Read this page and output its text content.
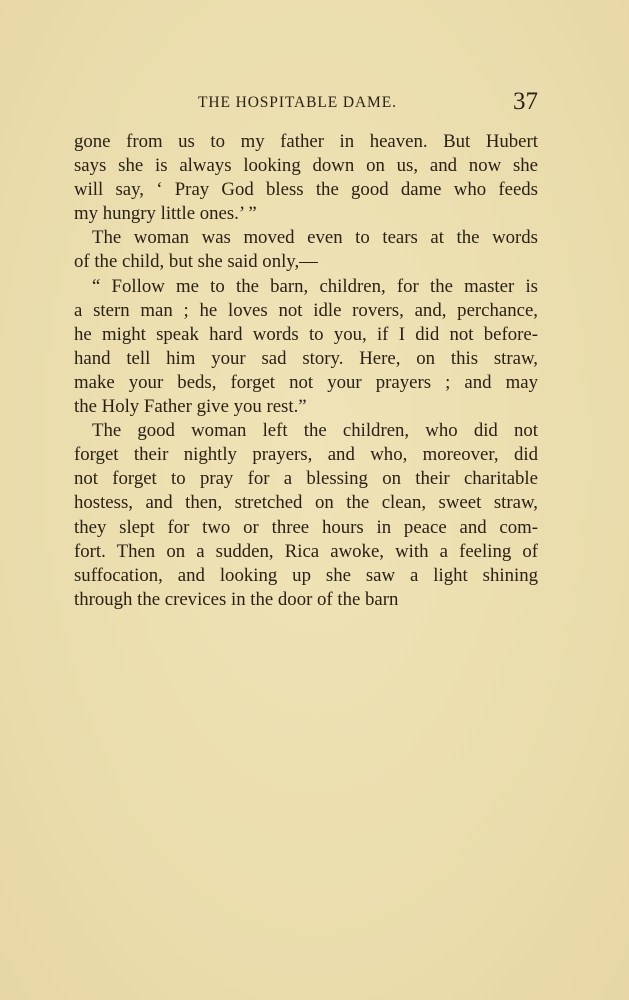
THE HOSPITABLE DAME.	37
gone from us to my father in heaven. But Hubert
says she is always looking down on us, and now she
will say, ‘ Pray God bless the good dame who feeds
my hungry little ones.’ ”
The woman was moved even to tears at the words
of the child, but she said only,—
“ Follow me to the barn, children, for the master is
a stern man ; he loves not idle rovers, and, perchance,
he might speak hard words to you, if I did not before-
hand tell him your sad story. Here, on this straw,
make your beds, forget not your prayers ; and may
the Holy Father give you rest.”
The good woman left the children, who did not
forget their nightly prayers, and who, moreover, did
not forget to pray for a blessing on their charitable
hostess, and then, stretched on the clean, sweet straw,
they slept for two or three hours in peace and com-
fort. Then on a sudden, Rica awoke, with a feeling of
suffocation, and looking up she saw a light shining
through the crevices in the door of the barn
